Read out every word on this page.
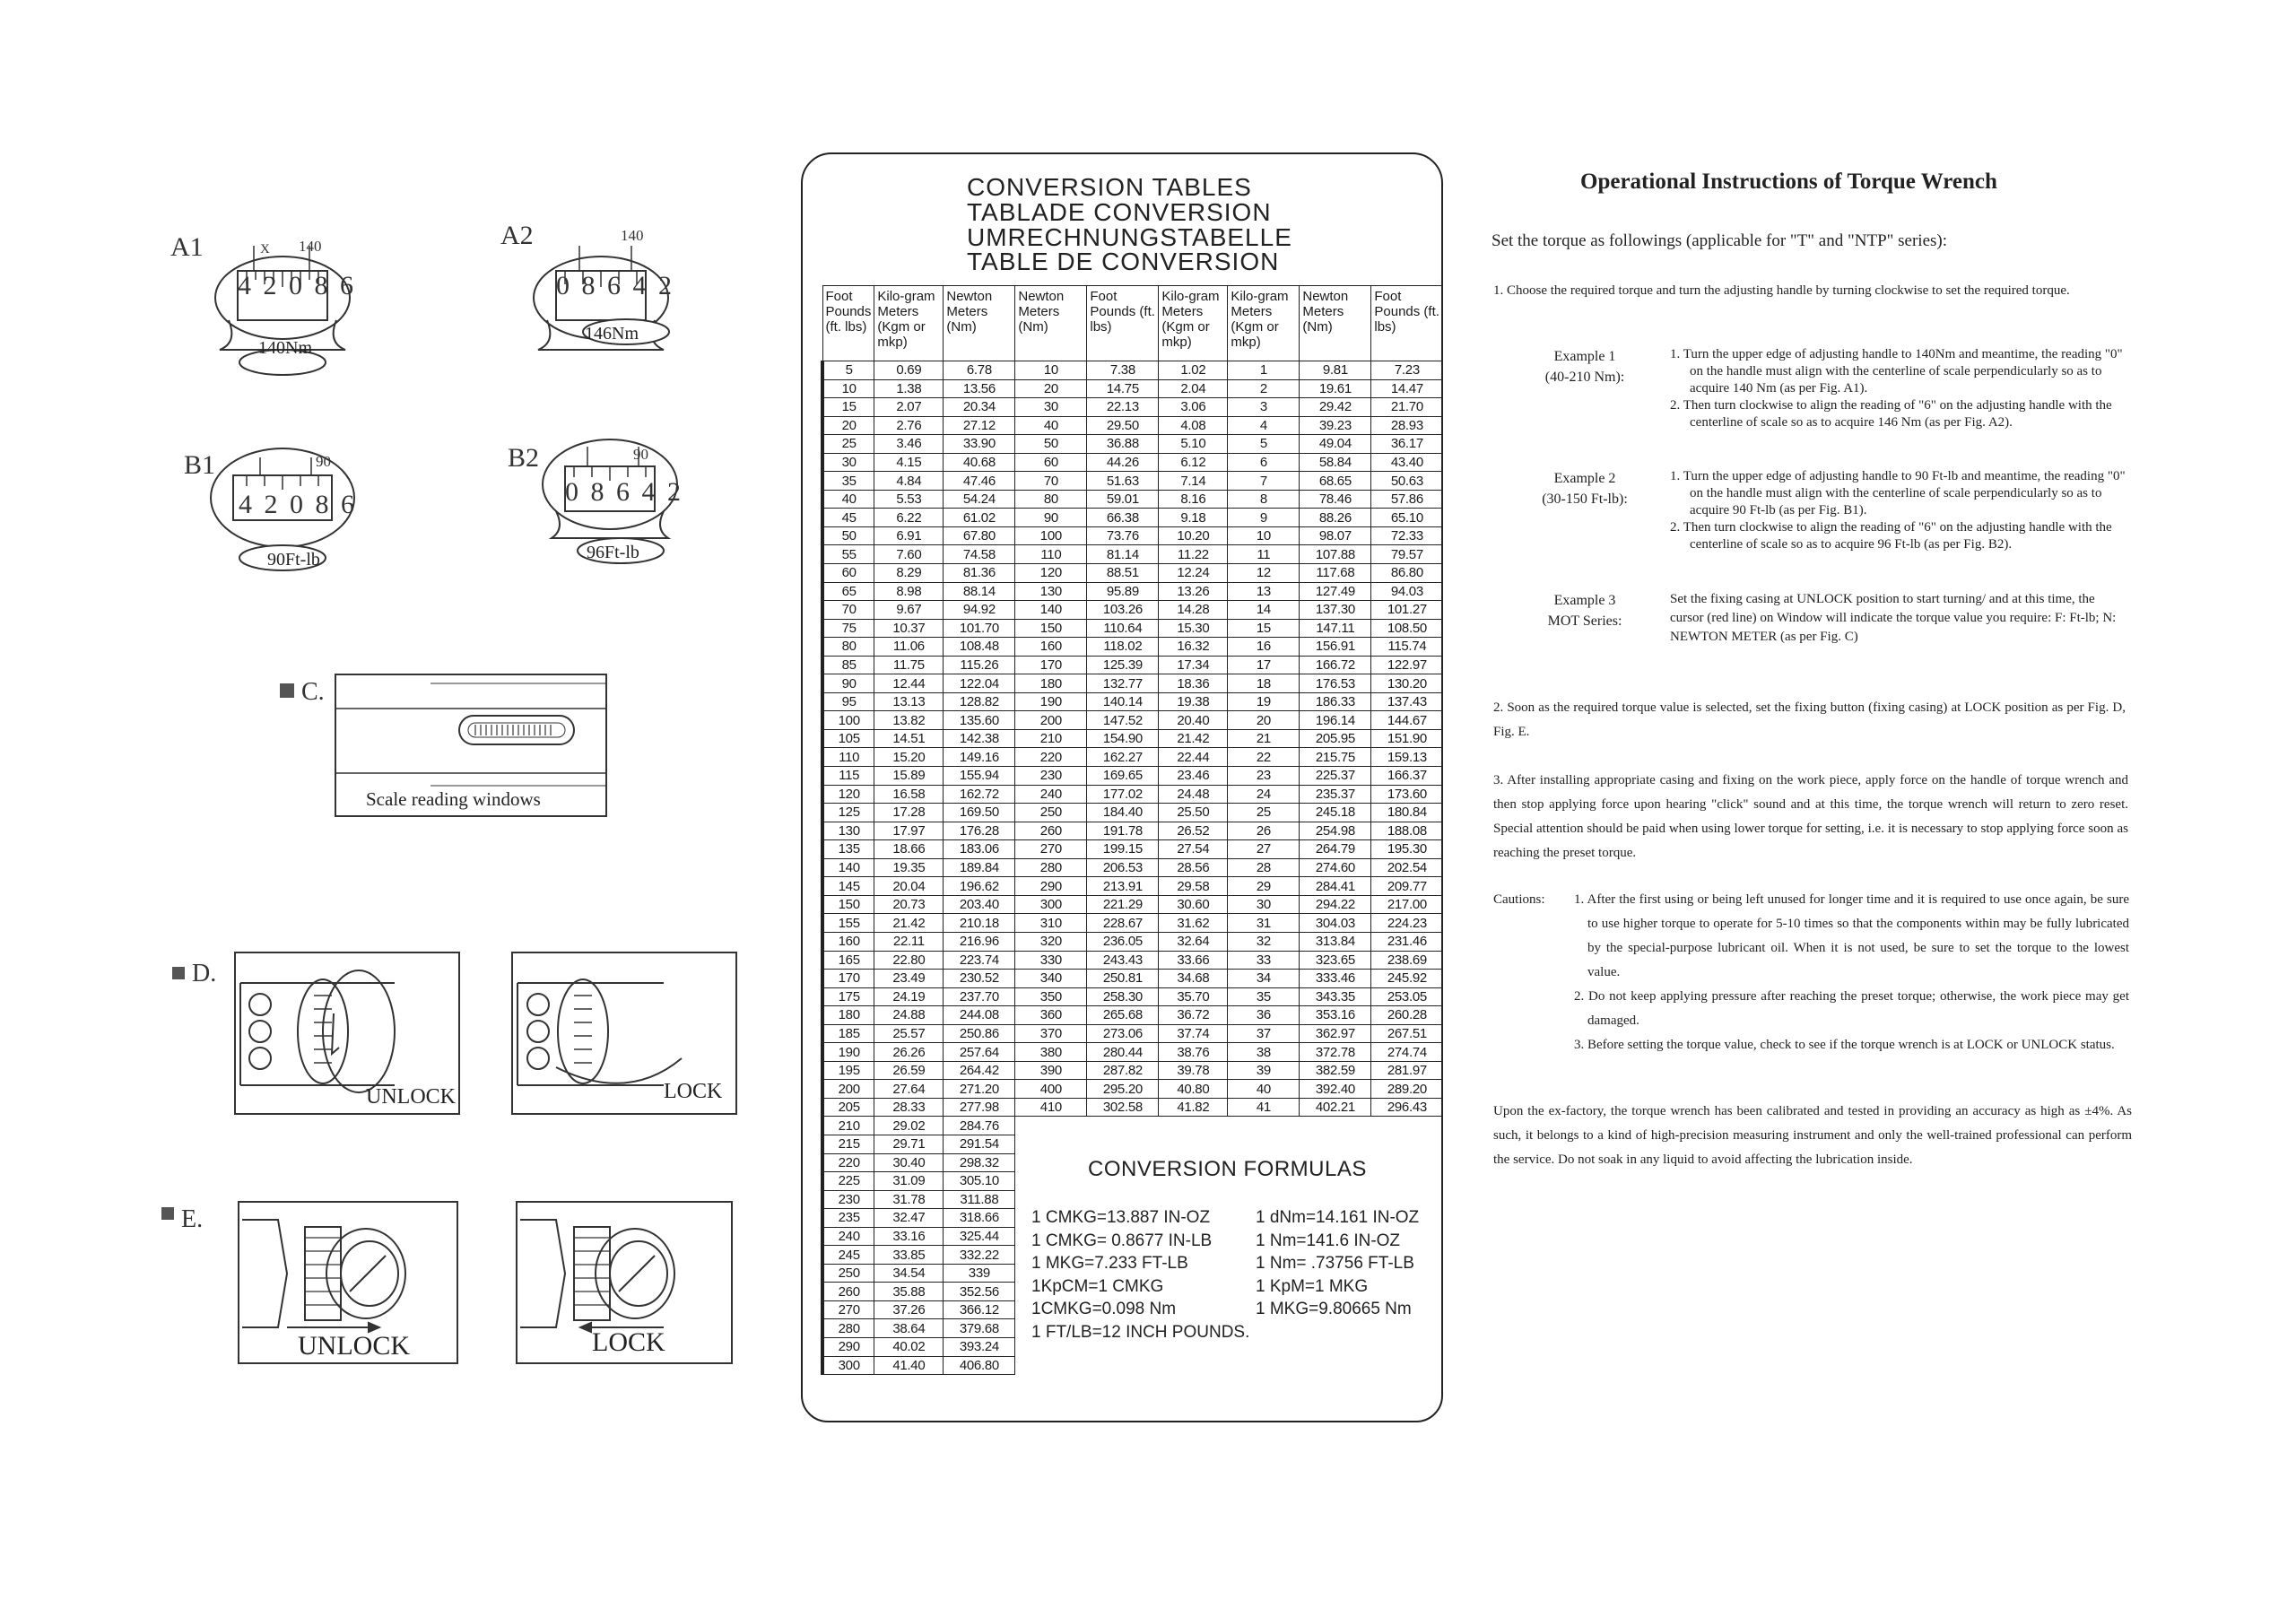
A1
4 2 0 8 6
X 140
140Nm
A2
0 8 6 4 2
140
146Nm
B1
4 2 0 8 6
90
90Ft-lb
B2
0 8 6 4 2
90
96Ft-lb
C.
Scale reading windows
D.
UNLOCK	LOCK
E.
UNLOCK	LOCK
CONVERSION TABLES
TABLADE CONVERSION
UMRECHNUNGSTABELLE
TABLE DE CONVERSION
Foot Pounds (ft. lbs)	Kilo-gram Meters (Kgm or mkp)	Newton Meters (Nm)	Newton Meters (Nm)	Foot Pounds (ft. lbs)	Kilo-gram Meters (Kgm or mkp)	Kilo-gram Meters (Kgm or mkp)	Newton Meters (Nm)	Foot Pounds (ft. lbs)
5	0.69	6.78	10	7.38	1.02	1	9.81	7.23
10	1.38	13.56	20	14.75	2.04	2	19.61	14.47
15	2.07	20.34	30	22.13	3.06	3	29.42	21.70
20	2.76	27.12	40	29.50	4.08	4	39.23	28.93
25	3.46	33.90	50	36.88	5.10	5	49.04	36.17
30	4.15	40.68	60	44.26	6.12	6	58.84	43.40
35	4.84	47.46	70	51.63	7.14	7	68.65	50.63
40	5.53	54.24	80	59.01	8.16	8	78.46	57.86
45	6.22	61.02	90	66.38	9.18	9	88.26	65.10
50	6.91	67.80	100	73.76	10.20	10	98.07	72.33
55	7.60	74.58	110	81.14	11.22	11	107.88	79.57
60	8.29	81.36	120	88.51	12.24	12	117.68	86.80
65	8.98	88.14	130	95.89	13.26	13	127.49	94.03
70	9.67	94.92	140	103.26	14.28	14	137.30	101.27
75	10.37	101.70	150	110.64	15.30	15	147.11	108.50
80	11.06	108.48	160	118.02	16.32	16	156.91	115.74
85	11.75	115.26	170	125.39	17.34	17	166.72	122.97
90	12.44	122.04	180	132.77	18.36	18	176.53	130.20
95	13.13	128.82	190	140.14	19.38	19	186.33	137.43
100	13.82	135.60	200	147.52	20.40	20	196.14	144.67
105	14.51	142.38	210	154.90	21.42	21	205.95	151.90
110	15.20	149.16	220	162.27	22.44	22	215.75	159.13
115	15.89	155.94	230	169.65	23.46	23	225.37	166.37
120	16.58	162.72	240	177.02	24.48	24	235.37	173.60
125	17.28	169.50	250	184.40	25.50	25	245.18	180.84
130	17.97	176.28	260	191.78	26.52	26	254.98	188.08
135	18.66	183.06	270	199.15	27.54	27	264.79	195.30
140	19.35	189.84	280	206.53	28.56	28	274.60	202.54
145	20.04	196.62	290	213.91	29.58	29	284.41	209.77
150	20.73	203.40	300	221.29	30.60	30	294.22	217.00
155	21.42	210.18	310	228.67	31.62	31	304.03	224.23
160	22.11	216.96	320	236.05	32.64	32	313.84	231.46
165	22.80	223.74	330	243.43	33.66	33	323.65	238.69
170	23.49	230.52	340	250.81	34.68	34	333.46	245.92
175	24.19	237.70	350	258.30	35.70	35	343.35	253.05
180	24.88	244.08	360	265.68	36.72	36	353.16	260.28
185	25.57	250.86	370	273.06	37.74	37	362.97	267.51
190	26.26	257.64	380	280.44	38.76	38	372.78	274.74
195	26.59	264.42	390	287.82	39.78	39	382.59	281.97
200	27.64	271.20	400	295.20	40.80	40	392.40	289.20
205	28.33	277.98	410	302.58	41.82	41	402.21	296.43
210	29.02	284.76						
215	29.71	291.54						
220	30.40	298.32						
225	31.09	305.10						
230	31.78	311.88						
235	32.47	318.66						
240	33.16	325.44						
245	33.85	332.22						
250	34.54	339						
260	35.88	352.56						
270	37.26	366.12						
280	38.64	379.68						
290	40.02	393.24						
300	41.40	406.80						
CONVERSION FORMULAS
1 CMKG=13.887 IN-OZ
1 CMKG= 0.8677 IN-LB
1 MKG=7.233 FT-LB
1KpCM=1 CMKG
1CMKG=0.098 Nm
1 FT/LB=12 INCH POUNDS.
1 dNm=14.161 IN-OZ
1 Nm=141.6 IN-OZ
1 Nm= .73756 FT-LB
1 KpM=1 MKG
1 MKG=9.80665 Nm
Operational Instructions of Torque Wrench
Set the torque as followings (applicable for "T" and "NTP" series):
1. Choose the required torque and turn the adjusting handle by turning clockwise to set the required torque.
Example 1
(40-210 Nm):
1. Turn the upper edge of adjusting handle to 140Nm and meantime, the reading "0" on the handle must align with the centerline of scale perpendicularly so as to acquire 140 Nm (as per Fig. A1).
2. Then turn clockwise to align the reading of "6" on the adjusting handle with the centerline of scale so as to acquire 146 Nm (as per Fig. A2).
Example 2
(30-150 Ft-lb):
1. Turn the upper edge of adjusting handle to 90 Ft-lb and meantime, the reading "0" on the handle must align with the centerline of scale perpendicularly so as to acquire 90 Ft-lb (as per Fig. B1).
2. Then turn clockwise to align the reading of "6" on the adjusting handle with the centerline of scale so as to acquire 96 Ft-lb (as per Fig. B2).
Example 3
MOT Series:
Set the fixing casing at UNLOCK position to start turning/ and at this time, the cursor (red line) on Window will indicate the torque value you require: F: Ft-lb; N: NEWTON METER (as per Fig. C)
2. Soon as the required torque value is selected, set the fixing button (fixing casing) at LOCK position as per Fig. D, Fig. E.
3. After installing appropriate casing and fixing on the work piece, apply force on the handle of torque wrench and then stop applying force upon hearing "click" sound and at this time, the torque wrench will return to zero reset. Special attention should be paid when using lower torque for setting, i.e. it is necessary to stop applying force soon as reaching the preset torque.
Cautions:	1. After the first using or being left unused for longer time and it is required to use once again, be sure to use higher torque to operate for 5-10 times so that the components within may be fully lubricated by the special-purpose lubricant oil. When it is not used, be sure to set the torque to the lowest value.
2. Do not keep applying pressure after reaching the preset torque; otherwise, the work piece may get damaged.
3. Before setting the torque value, check to see if the torque wrench is at LOCK or UNLOCK status.
Upon the ex-factory, the torque wrench has been calibrated and tested in providing an accuracy as high as ±4%. As such, it belongs to a kind of high-precision measuring instrument and only the well-trained professional can perform the service. Do not soak in any liquid to avoid affecting the lubrication inside.
